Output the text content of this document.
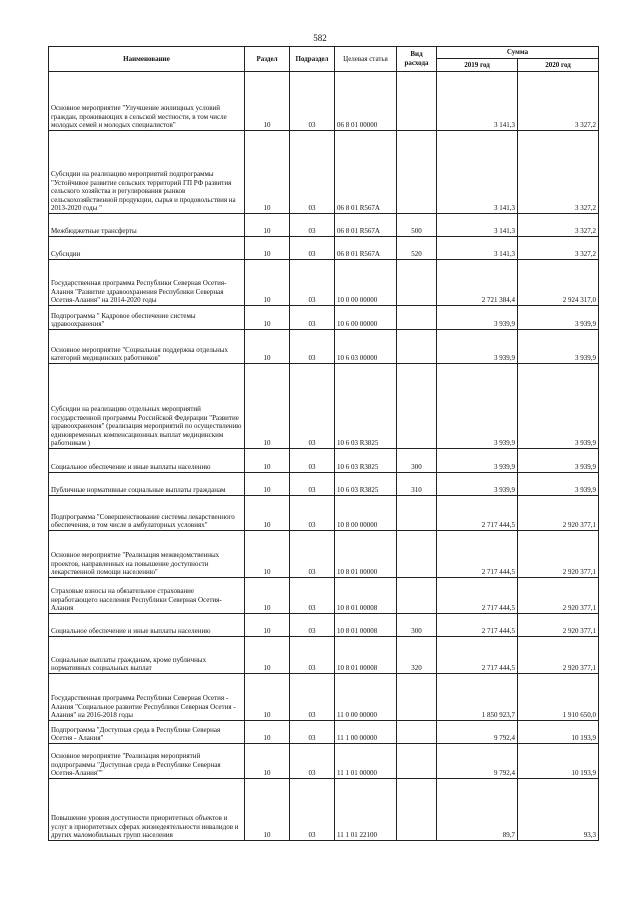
582
Наименование	Раздел	Подраздел	Целевая статья	Вид расхода	Сумма	
					2019 год	2020 год
Основное мероприятие "Улучшение жилищных условий граждан, проживающих в сельской местности, в том числе молодых семей и молодых специалистов"	10	03	06 8 01 00000		3 141,3	3 327,2
Субсидии на реализацию мероприятий подпрограммы "Устойчивое развитие сельских территорий ГП РФ развития сельского хозяйства и регулирования рынков сельскохозяйственной продукции, сырья и продовольствия на 2013-2020 годы "	10	03	06 8 01 R567A		3 141,3	3 327,2
Межбюджетные трансферты	10	03	06 8 01 R567A	500	3 141,3	3 327,2
Субсидии	10	03	06 8 01 R567A	520	3 141,3	3 327,2
Государственная программа Республики Северная Осетия-Алания "Развитие здравоохранения Республики Северная Осетия-Алания" на 2014-2020 годы	10	03	10 0 00 00000		2 721 384,4	2 924 317,0
Подпрограмма " Кадровое обеспечение системы здравоохранения"	10	03	10 6 00 00000		3 939,9	3 939,9
Основное мероприятие "Социальная поддержка отдельных категорий медицинских работников"	10	03	10 6 03 00000		3 939,9	3 939,9
Субсидии на реализацию отдельных мероприятий государственной программы Российской Федерации "Развитие здравоохранения" (реализация мероприятий по осуществлению единовременных компенсационных выплат медицинским работникам )	10	03	10 6 03 R3825		3 939,9	3 939,9
Социальное обеспечение и иные выплаты населению	10	03	10 6 03 R3825	300	3 939,9	3 939,9
Публичные нормативные социальные выплаты гражданам	10	03	10 6 03 R3825	310	3 939,9	3 939,9
Подпрограмма "Совершенствование системы лекарственного обеспечения, в том числе в амбулаторных условиях"	10	03	10 8 00 00000		2 717 444,5	2 920 377,1
Основное мероприятие "Реализация межведомственных проектов, направленных на повышение доступности лекарственной помощи населению"	10	03	10 8 01 00000		2 717 444,5	2 920 377,1
Страховые взносы на обязательное страхование неработающего населения Республики Северная Осетия-Алания	10	03	10 8 01 00008		2 717 444,5	2 920 377,1
Социальное обеспечение и иные выплаты населению	10	03	10 8 01 00008	300	2 717 444,5	2 920 377,1
Социальные выплаты гражданам, кроме публичных нормативных социальных выплат	10	03	10 8 01 00008	320	2 717 444,5	2 920 377,1
Государственная программа Республики Северная Осетия - Алания "Социальное развитие Республики Северная Осетия - Алания" на 2016-2018 годы	10	03	11 0 00 00000		1 850 923,7	1 910 650,0
Подпрограмма "Доступная среда в Республике Северная Осетия - Алания"	10	03	11 1 00 00000		9 792,4	10 193,9
Основное мероприятие "Реализация мероприятий подпрограммы "Доступная среда в Республике Северная Осетия-Алания""	10	03	11 1 01 00000		9 792,4	10 193,9
Повышение уровня доступности приоритетных объектов и услуг в приоритетных сферах жизнедеятельности инвалидов и других маломобильных групп населения	10	03	11 1 01 22100		89,7	93,3
